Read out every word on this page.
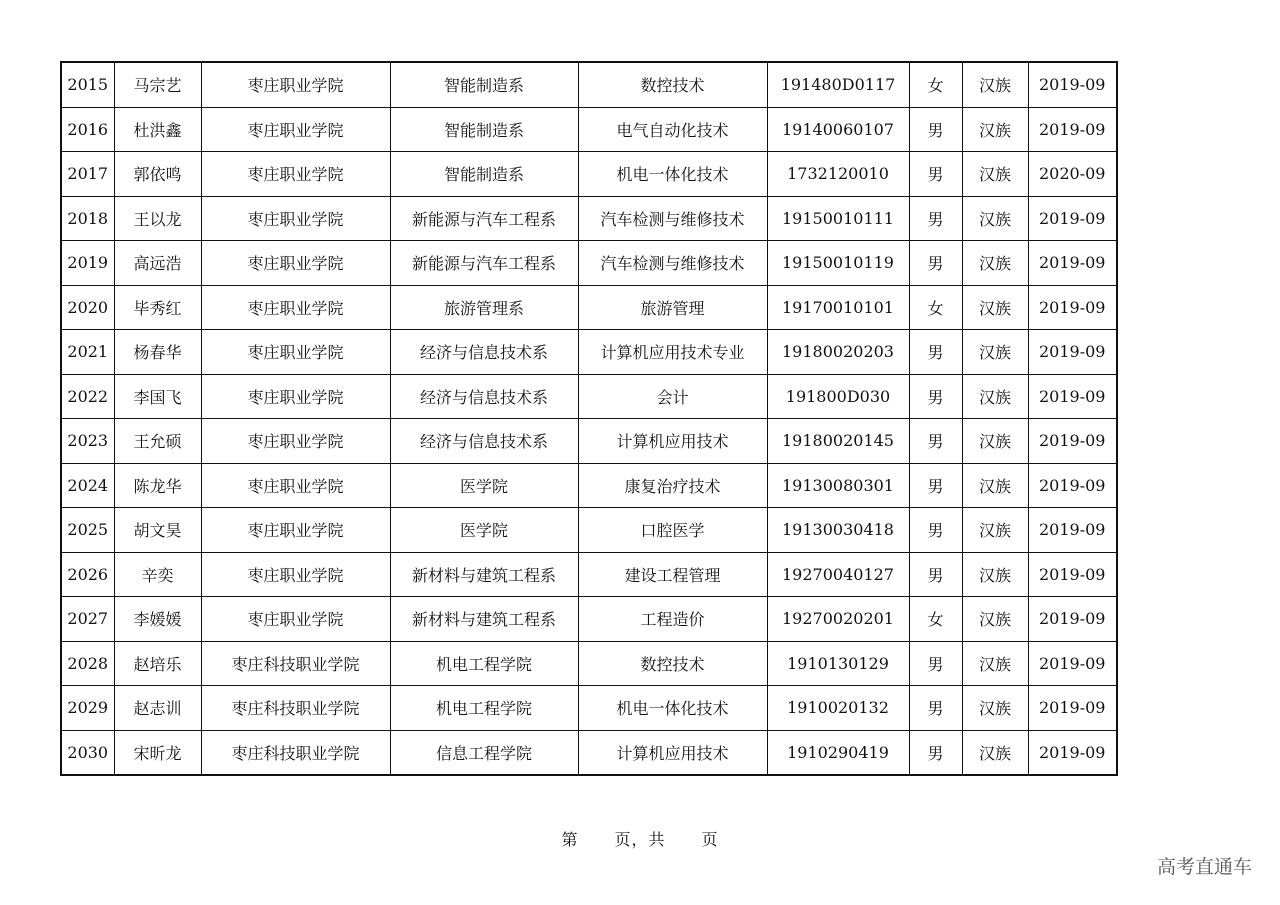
2015	马宗艺	枣庄职业学院	智能制造系	数控技术	191480D0117	女	汉族	2019-09
2016	杜洪鑫	枣庄职业学院	智能制造系	电气自动化技术	19140060107	男	汉族	2019-09
2017	郭依鸣	枣庄职业学院	智能制造系	机电一体化技术	1732120010	男	汉族	2020-09
2018	王以龙	枣庄职业学院	新能源与汽车工程系	汽车检测与维修技术	19150010111	男	汉族	2019-09
2019	高远浩	枣庄职业学院	新能源与汽车工程系	汽车检测与维修技术	19150010119	男	汉族	2019-09
2020	毕秀红	枣庄职业学院	旅游管理系	旅游管理	19170010101	女	汉族	2019-09
2021	杨春华	枣庄职业学院	经济与信息技术系	计算机应用技术专业	19180020203	男	汉族	2019-09
2022	李国飞	枣庄职业学院	经济与信息技术系	会计	191800D030	男	汉族	2019-09
2023	王允硕	枣庄职业学院	经济与信息技术系	计算机应用技术	19180020145	男	汉族	2019-09
2024	陈龙华	枣庄职业学院	医学院	康复治疗技术	19130080301	男	汉族	2019-09
2025	胡文昊	枣庄职业学院	医学院	口腔医学	19130030418	男	汉族	2019-09
2026	辛奕	枣庄职业学院	新材料与建筑工程系	建设工程管理	19270040127	男	汉族	2019-09
2027	李媛媛	枣庄职业学院	新材料与建筑工程系	工程造价	19270020201	女	汉族	2019-09
2028	赵培乐	枣庄科技职业学院	机电工程学院	数控技术	1910130129	男	汉族	2019-09
2029	赵志训	枣庄科技职业学院	机电工程学院	机电一体化技术	1910020132	男	汉族	2019-09
2030	宋昕龙	枣庄科技职业学院	信息工程学院	计算机应用技术	1910290419	男	汉族	2019-09
第 页，共 页
高考直通车
